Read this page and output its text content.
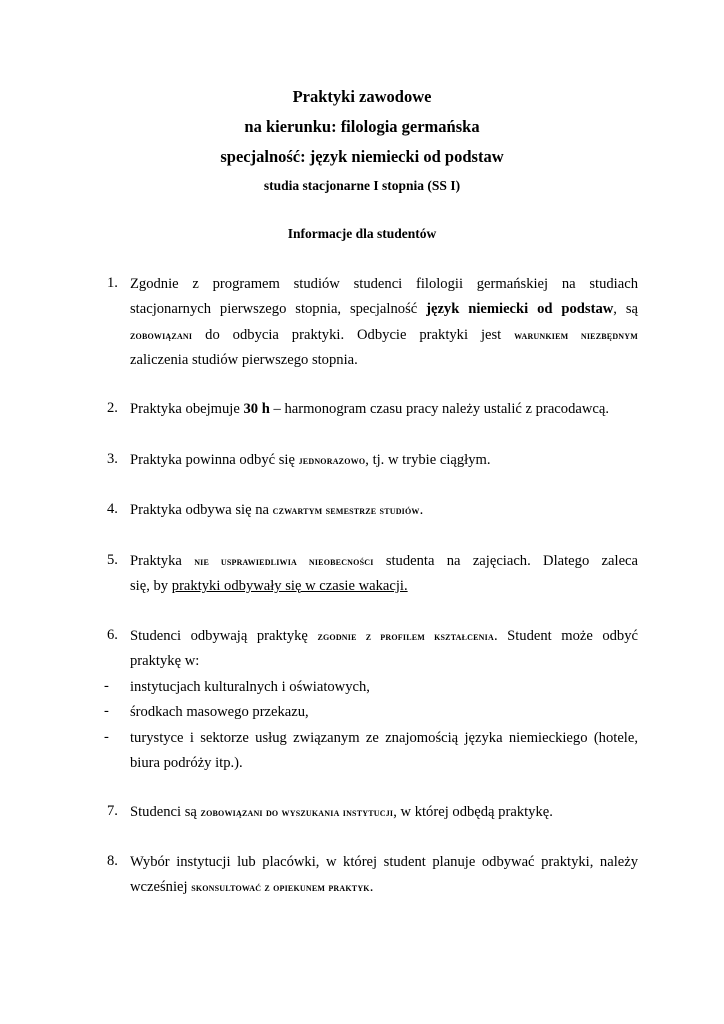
Praktyki zawodowe
na kierunku: filologia germańska
specjalność: język niemiecki od podstaw
studia stacjonarne I stopnia (SS I)
Informacje dla studentów
1. Zgodnie z programem studiów studenci filologii germańskiej na studiach
stacjonarnych pierwszego stopnia, specjalność język niemiecki od podstaw, są
zobowiązani do odbycia praktyki. Odbycie praktyki jest warunkiem niezbędnym
zaliczenia studiów pierwszego stopnia.
2. Praktyka obejmuje 30 h – harmonogram czasu pracy należy ustalić z pracodawcą.
3. Praktyka powinna odbyć się jednorazowo, tj. w trybie ciągłym.
4. Praktyka odbywa się na czwartym semestrze studiów.
5. Praktyka nie usprawiedliwia nieobecności studenta na zajęciach. Dlatego zaleca
się, by praktyki odbywały się w czasie wakacji.
6. Studenci odbywają praktykę zgodnie z profilem kształcenia. Student może odbyć
praktykę w:
instytucjach kulturalnych i oświatowych,
środkach masowego przekazu,
turystyce i sektorze usług związanym ze znajomością języka niemieckiego (hotele,
biura podróży itp.).
-
-
-
7. Studenci są zobowiązani do wyszukania instytucji, w której odbędą praktykę.
8. Wybór instytucji lub placówki, w której student planuje odbywać praktyki, należy
wcześniej skonsultować z opiekunem praktyk.
